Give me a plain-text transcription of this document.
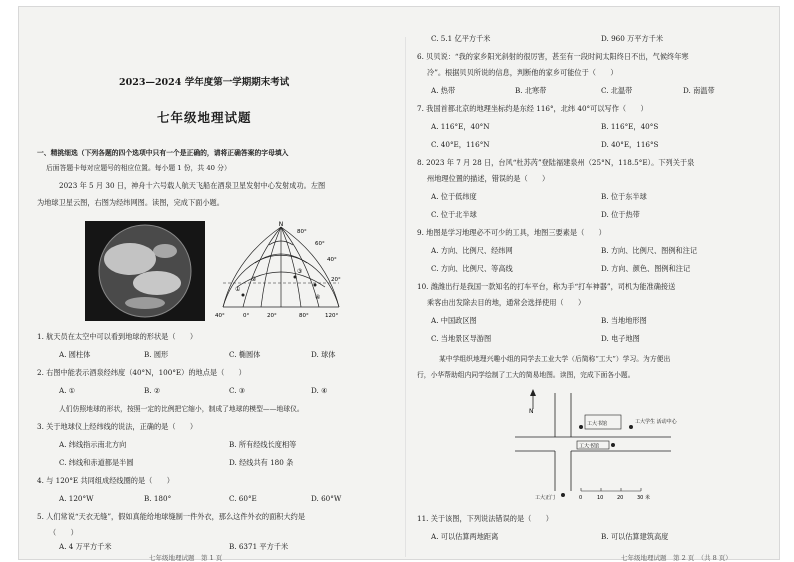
2023—2024 学年度第一学期期末考试
七年级地理试题
一、精挑细选（下列各题的四个选项中只有一个是正确的，请将正确答案的字母填入
后面答题卡每对应题号的相应位置。每小题 1 份，共 40 分）
2023 年 5 月 30 日，神舟十六号载人航天飞船在酒泉卫星发射中心发射成功。左图
为地球卫星云图，右图为经纬网图。读图，完成下面小题。
N
80°
60°
40°
20°
①
②
③
④
40°	0°	20°	80°	120°
1. 航天员在太空中可以看到地球的形状是（　　）
A. 圆柱体	B. 圆形	C. 椭圆体	D. 球体
2. 右图中能表示酒泉经纬度（40°N，100°E）的地点是（　　）
A. ①	B. ②	C. ③	D. ④
人们仿照地球的形状，按照一定的比例把它缩小，制成了地球的模型——地球仪。
3. 关于地球仪上经纬线的说法，正确的是（　　）
A. 纬线指示南北方向	B. 所有经线长度相等
C. 纬线和赤道都是半圆	D. 经线共有 180 条
4. 与 120°E 共同组成经线圈的是（　　）
A. 120°W	B. 180°	C. 60°E	D. 60°W
5. 人们常说“天衣无缝”，假如真能给地球缝制一件外衣，那么这件外衣的面积大约是
（　　）
A. 4 万平方千米	B. 6371 平方千米
七年级地理试题　第 1 页
C. 5.1 亿平方千米	D. 960 万平方千米
6. 贝贝说：“我的家乡阳光斜射的很厉害，甚至有一段时间太阳终日不出，气候终年寒
冷”。根据贝贝所说的信息，判断他的家乡可能位于（　　）
A. 热带	B. 北寒带	C. 北温带	D. 南温带
7. 我国首都北京的地理坐标约是东经 116°，北纬 40°可以写作（　　）
A. 116°E，40°N	B. 116°E，40°S
C. 40°E，116°N	D. 40°E，116°S
8. 2023 年 7 月 28 日，台风“杜苏芮”登陆福建泉州（25°N，118.5°E）。下列关于泉
州地理位置的描述，错误的是（　　）
A. 位于低纬度	B. 位于东半球
C. 位于北半球	D. 位于热带
9. 地图是学习地理必不可少的工具，地图三要素是（　　）
A. 方向、比例尺、经纬网	B. 方向、比例尺、图例和注记
C. 方向、比例尺、等高线	D. 方向、颜色、图例和注记
10. 潍潍出行是我国一款知名的打车平台，称为手“打车神器”，司机为能准确接送
乘客由出发除去目的地，通常会选择使用（　　）
A. 中国政区图	B. 当地地形图
C. 当地景区导游图	D. 电子地图
某中学组织地理兴趣小组的同学去工业大学（后简称“工大”）学习。为方便出
行，小华帮助组内同学绘制了工大的简易地图。读图，完成下面各小题。
N
工大书馆	工大学生 活动中心
工大书馆
工大正门	0	10	20	30 米
11. 关于该图，下列说法错误的是（　　）
A. 可以估算两地距离	B. 可以估算建筑高度
七年级地理试题　第 2 页　（共 8 页）
